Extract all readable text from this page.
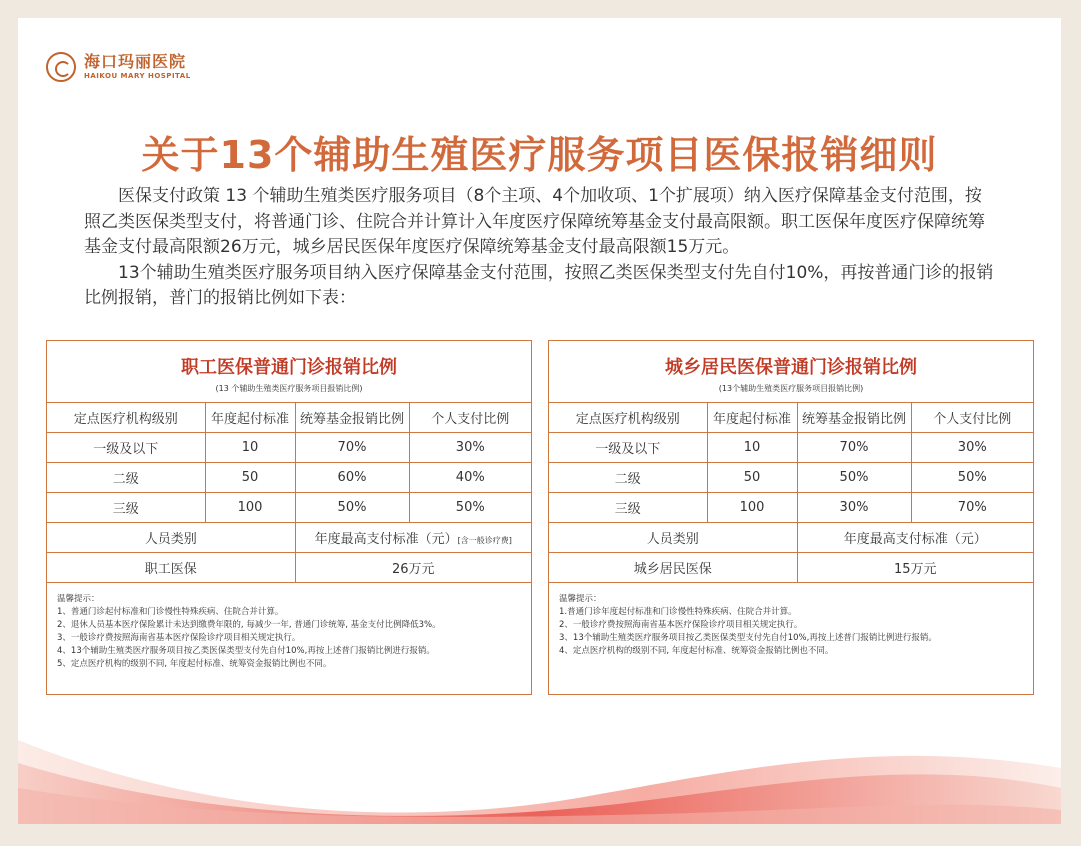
海口玛丽医院
HAIKOU MARY HOSPITAL
关于13个辅助生殖医疗服务项目医保报销细则

医保支付政策 13 个辅助生殖类医疗服务项目（8个主项、4个加收项、1个扩展项）纳入医疗保障基金支付范围，按照乙类医保类型支付，将普通门诊、住院合并计算计入年度医疗保障统筹基金支付最高限额。职工医保年度医疗保障统筹基金支付最高限额26万元，城乡居民医保年度医疗保障统筹基金支付最高限额15万元。

13个辅助生殖类医疗服务项目纳入医疗保障基金支付范围，按照乙类医保类型支付先自付10%，再按普通门诊的报销比例报销，普门的报销比例如下表：

职工医保普通门诊报销比例
(13 个辅助生殖类医疗服务项目报销比例)
定点医疗机构级别	年度起付标准	统筹基金报销比例	个人支付比例
一级及以下	10	70%	30%
二级	50	60%	40%
三级	100	50%	50%
人员类别		年度最高支付标准（元）[含一般诊疗费]	
职工医保		26万元	
温馨提示：
1、普通门诊起付标准和门诊慢性特殊疾病、住院合并计算。
2、退休人员基本医疗保险累计未达到缴费年限的, 每减少一年, 普通门诊统筹, 基金支付比例降低3%。
3、一般诊疗费按照海南省基本医疗保险诊疗项目相关规定执行。
4、13个辅助生殖类医疗服务项目按乙类医保类型支付先自付10%,再按上述普门报销比例进行报销。
5、定点医疗机构的级别不同, 年度起付标准、统筹资金报销比例也不同。
城乡居民医保普通门诊报销比例
(13个辅助生殖类医疗服务项目报销比例)
定点医疗机构级别	年度起付标准	统筹基金报销比例	个人支付比例
一级及以下	10	70%	30%
二级	50	50%	50%
三级	100	30%	70%
人员类别		年度最高支付标准（元）	
城乡居民医保		15万元	
温馨提示：
1.普通门诊年度起付标准和门诊慢性特殊疾病、住院合并计算。
2、一般诊疗费按照海南省基本医疗保险诊疗项目相关规定执行。
3、13个辅助生殖类医疗服务项目按乙类医保类型支付先自付10%,再按上述普门报销比例进行报销。
4、定点医疗机构的级别不同, 年度起付标准、统筹资金报销比例也不同。
